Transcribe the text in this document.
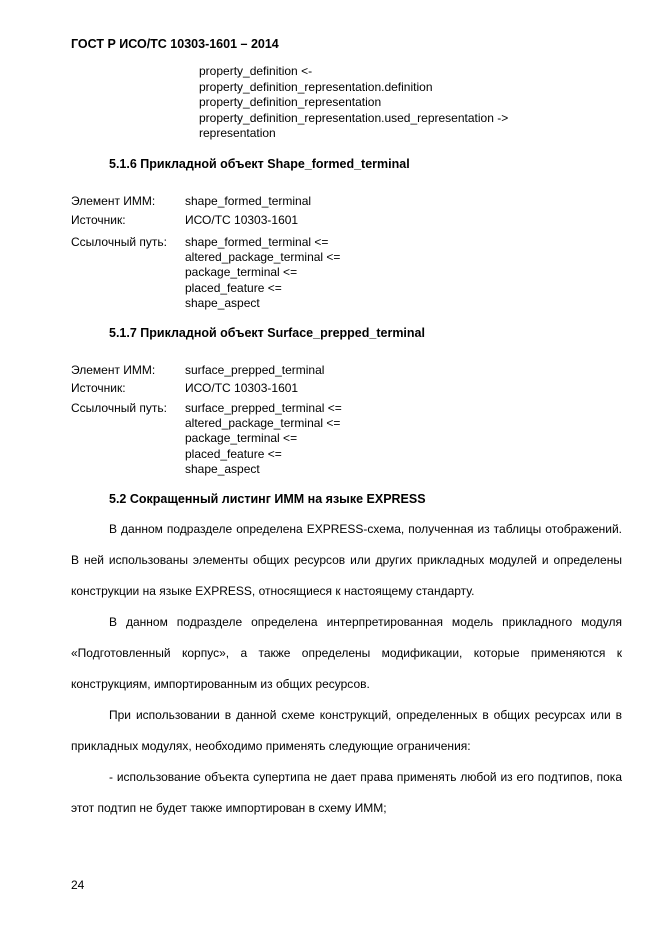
ГОСТ Р ИСО/ТС 10303-1601 – 2014
property_definition <-
property_definition_representation.definition
property_definition_representation
property_definition_representation.used_representation ->
representation
5.1.6 Прикладной объект Shape_formed_terminal
Элемент ИММ: shape_formed_terminal
Источник:	ИСО/ТС 10303-1601
Ссылочный путь: shape_formed_terminal <=
altered_package_terminal <=
package_terminal <=
placed_feature <=
shape_aspect
5.1.7 Прикладной объект Surface_prepped_terminal
Элемент ИММ: surface_prepped_terminal
Источник:	ИСО/ТС 10303-1601
Ссылочный путь: surface_prepped_terminal <=
altered_package_terminal <=
package_terminal <=
placed_feature <=
shape_aspect
5.2 Сокращенный листинг ИММ на языке EXPRESS

В данном подразделе определена EXPRESS-схема, полученная из таблицы отображений. В ней использованы элементы общих ресурсов или других прикладных модулей и определены конструкции на языке EXPRESS, относящиеся к настоящему стандарту.

В данном подразделе определена интерпретированная модель прикладного модуля «Подготовленный корпус», а также определены модификации, которые применяются к конструкциям, импортированным из общих ресурсов.

При использовании в данной схеме конструкций, определенных в общих ресурсах или в прикладных модулях, необходимо применять следующие ограничения:

- использование объекта супертипа не дает права применять любой из его подтипов, пока этот подтип не будет также импортирован в схему ИММ;

24
